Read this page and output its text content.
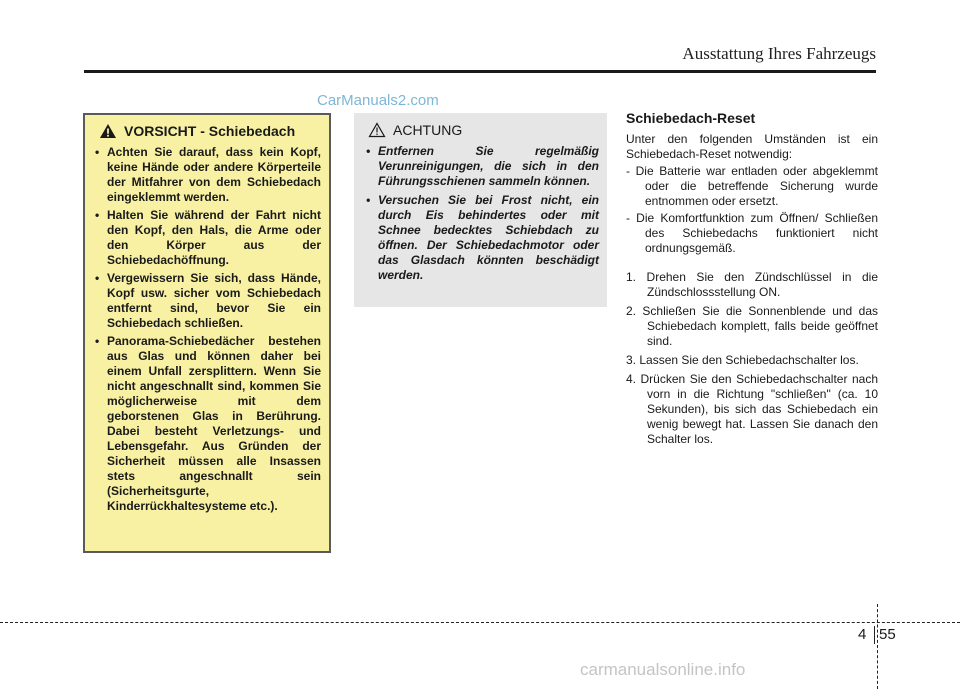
Ausstattung Ihres Fahrzeugs
CarManuals2.com
VORSICHT - Schiebedach
• Achten Sie darauf, dass kein Kopf, keine Hände oder andere Körperteile der Mitfahrer von dem Schiebedach eingeklemmt werden.
• Halten Sie während der Fahrt nicht den Kopf, den Hals, die Arme oder den Körper aus der Schiebedachöffnung.
• Vergewissern Sie sich, dass Hände, Kopf usw. sicher vom Schiebedach entfernt sind, bevor Sie ein Schiebedach schließen.
• Panorama-Schiebedächer bestehen aus Glas und können daher bei einem Unfall zersplittern. Wenn Sie nicht angeschnallt sind, kommen Sie möglicherweise mit dem geborstenen Glas in Berührung. Dabei besteht Verletzungs- und Lebensgefahr. Aus Gründen der Sicherheit müssen alle Insassen stets angeschnallt sein (Sicherheitsgurte, Kinderrückhaltesysteme etc.).
ACHTUNG
• Entfernen Sie regelmäßig Verunreinigungen, die sich in den Führungsschienen sammeln können.
• Versuchen Sie bei Frost nicht, ein durch Eis behindertes oder mit Schnee bedecktes Schiebdach zu öffnen. Der Schiebedachmotor oder das Glasdach könnten beschädigt werden.
Schiebedach-Reset

Unter den folgenden Umständen ist ein Schiebedach-Reset notwendig:

- Die Batterie war entladen oder abgeklemmt oder die betreffende Sicherung wurde entnommen oder ersetzt.

- Die Komfortfunktion zum Öffnen/ Schließen des Schiebedachs funktioniert nicht ordnungsgemäß.

1. Drehen Sie den Zündschlüssel in die Zündschlossstellung ON.

2. Schließen Sie die Sonnenblende und das Schiebedach komplett, falls beide geöffnet sind.

3. Lassen Sie den Schiebedachschalter los.

4. Drücken Sie den Schiebedachschalter nach vorn in die Richtung "schließen" (ca. 10 Sekunden), bis sich das Schiebedach ein wenig bewegt hat. Lassen Sie danach den Schalter los.

4 55
carmanualsonline.info
